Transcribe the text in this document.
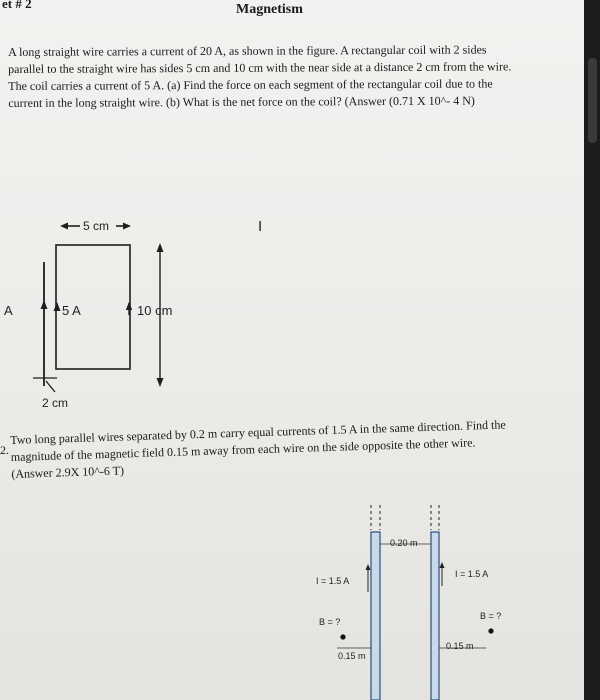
et # 2	Magnetism

A long straight wire carries a current of 20 A, as shown in the figure. A rectangular coil with 2 sides parallel to the straight wire has sides 5 cm and 10 cm with the near side at a distance 2 cm from the wire. The coil carries a current of 5 A. (a) Find the force on each segment of the rectangular coil due to the current in the long straight wire. (b) What is the net force on the coil? (Answer (0.71 X 10^- 4 N)

5 cm	I
A	5 A	10 cm
2 cm
2.

Two long parallel wires separated by 0.2 m carry equal currents of 1.5 A in the same direction. Find the magnitude of the magnetic field 0.15 m away from each wire on the side opposite the other wire. (Answer 2.9X 10^-6 T)

0.20 m
I = 1.5 A
I = 1.5 A
B = ?
B = ?
0.15 m
0.15 m
